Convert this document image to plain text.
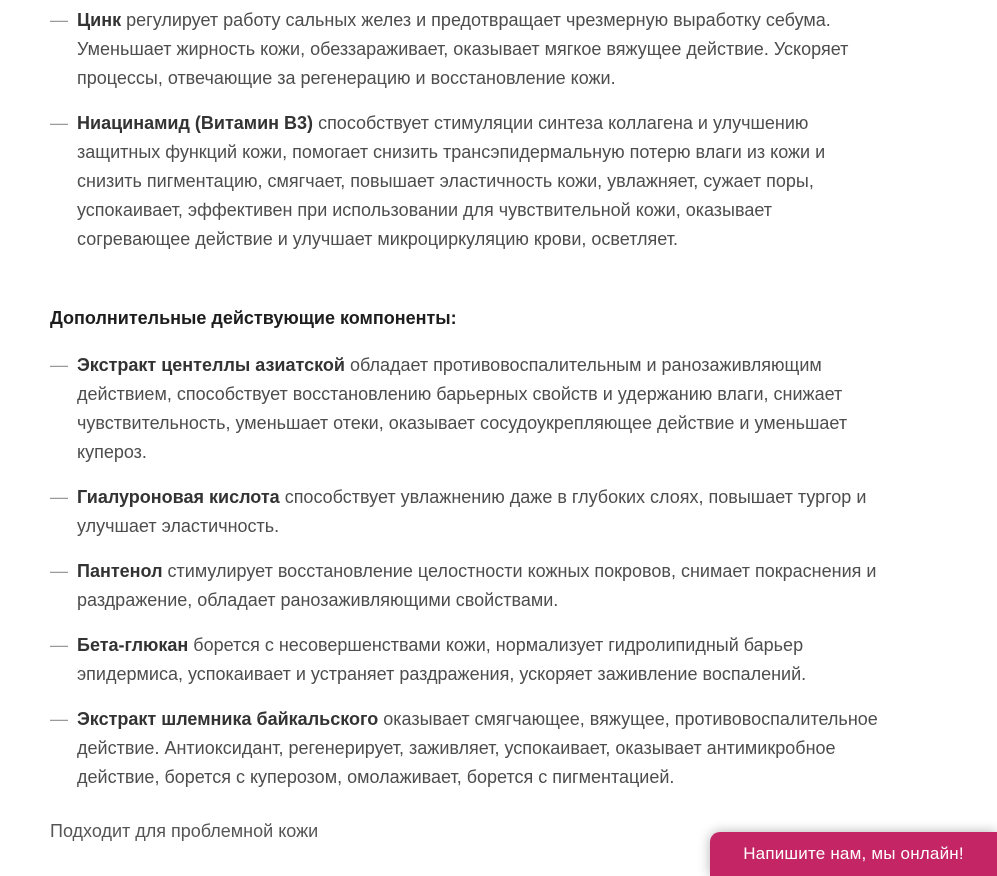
— Цинк регулирует работу сальных желез и предотвращает чрезмерную выработку себума. Уменьшает жирность кожи, обеззараживает, оказывает мягкое вяжущее действие. Ускоряет процессы, отвечающие за регенерацию и восстановление кожи.

— Ниацинамид (Витамин B3) способствует стимуляции синтеза коллагена и улучшению защитных функций кожи, помогает снизить трансэпидермальную потерю влаги из кожи и снизить пигментацию, смягчает, повышает эластичность кожи, увлажняет, сужает поры, успокаивает, эффективен при использовании для чувствительной кожи, оказывает согревающее действие и улучшает микроциркуляцию крови, осветляет.

Дополнительные действующие компоненты:
— Экстракт центеллы азиатской обладает противовоспалительным и ранозаживляющим действием, способствует восстановлению барьерных свойств и удержанию влаги, снижает чувствительность, уменьшает отеки, оказывает сосудоукрепляющее действие и уменьшает купероз.

— Гиалуроновая кислота способствует увлажнению даже в глубоких слоях, повышает тургор и улучшает эластичность.

— Пантенол стимулирует восстановление целостности кожных покровов, снимает покраснения и раздражение, обладает ранозаживляющими свойствами.

— Бета-глюкан борется с несовершенствами кожи, нормализует гидролипидный барьер эпидермиса, успокаивает и устраняет раздражения, ускоряет заживление воспалений.

— Экстракт шлемника байкальского оказывает смягчающее, вяжущее, противовоспалительное действие. Антиоксидант, регенерирует, заживляет, успокаивает, оказывает антимикробное действие, борется с куперозом, омолаживает, борется с пигментацией.

Подходит для проблемной кожи

Напишите нам, мы онлайн!
